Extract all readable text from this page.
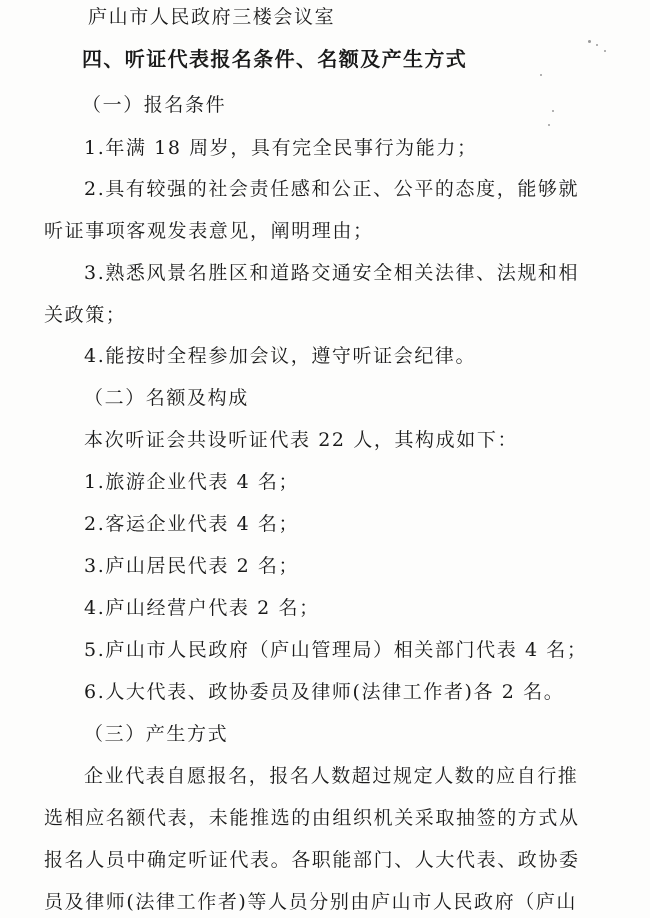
庐山市人民政府三楼会议室
四、听证代表报名条件、名额及产生方式
（一）报名条件
1.年满 18 周岁，具有完全民事行为能力；
2.具有较强的社会责任感和公正、公平的态度，能够就
听证事项客观发表意见，阐明理由；
3.熟悉风景名胜区和道路交通安全相关法律、法规和相
关政策；
4.能按时全程参加会议，遵守听证会纪律。
（二）名额及构成
本次听证会共设听证代表 22 人，其构成如下：
1.旅游企业代表 4 名；
2.客运企业代表 4 名；
3.庐山居民代表 2 名；
4.庐山经营户代表 2 名；
5.庐山市人民政府（庐山管理局）相关部门代表 4 名；
6.人大代表、政协委员及律师(法律工作者)各 2 名。
（三）产生方式
企业代表自愿报名，报名人数超过规定人数的应自行推
选相应名额代表，未能推选的由组织机关采取抽签的方式从
报名人员中确定听证代表。各职能部门、人大代表、政协委
员及律师(法律工作者)等人员分别由庐山市人民政府（庐山
